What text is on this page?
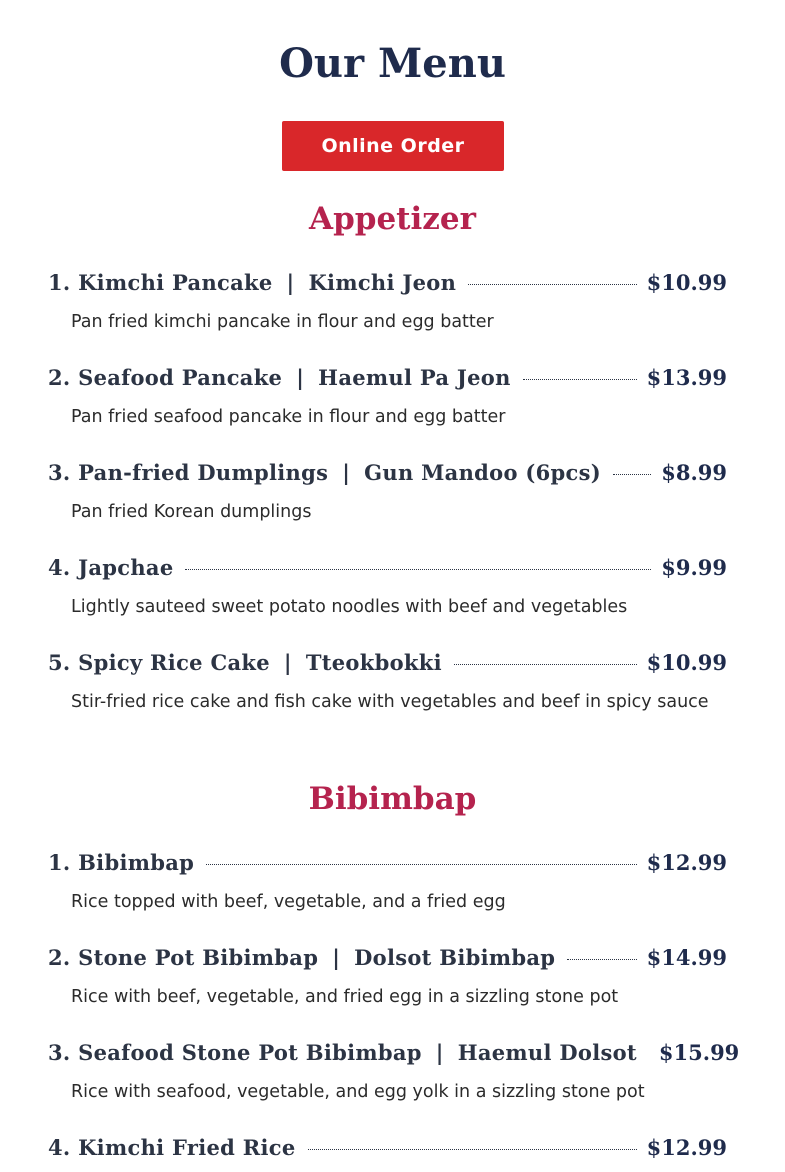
Our Menu
Online Order
Appetizer
1. Kimchi Pancake | Kimchi Jeon	$10.99
Pan fried kimchi pancake in flour and egg batter
2. Seafood Pancake | Haemul Pa Jeon	$13.99
Pan fried seafood pancake in flour and egg batter
3. Pan-fried Dumplings | Gun Mandoo (6pcs)	$8.99
Pan fried Korean dumplings
4. Japchae	$9.99
Lightly sauteed sweet potato noodles with beef and vegetables
5. Spicy Rice Cake | Tteokbokki	$10.99
Stir-fried rice cake and fish cake with vegetables and beef in spicy sauce
Bibimbap
1. Bibimbap	$12.99
Rice topped with beef, vegetable, and a fried egg
2. Stone Pot Bibimbap | Dolsot Bibimbap	$14.99
Rice with beef, vegetable, and fried egg in a sizzling stone pot
3. Seafood Stone Pot Bibimbap | Haemul Dolsot $15.99
Rice with seafood, vegetable, and egg yolk in a sizzling stone pot
4. Kimchi Fried Rice	$12.99
